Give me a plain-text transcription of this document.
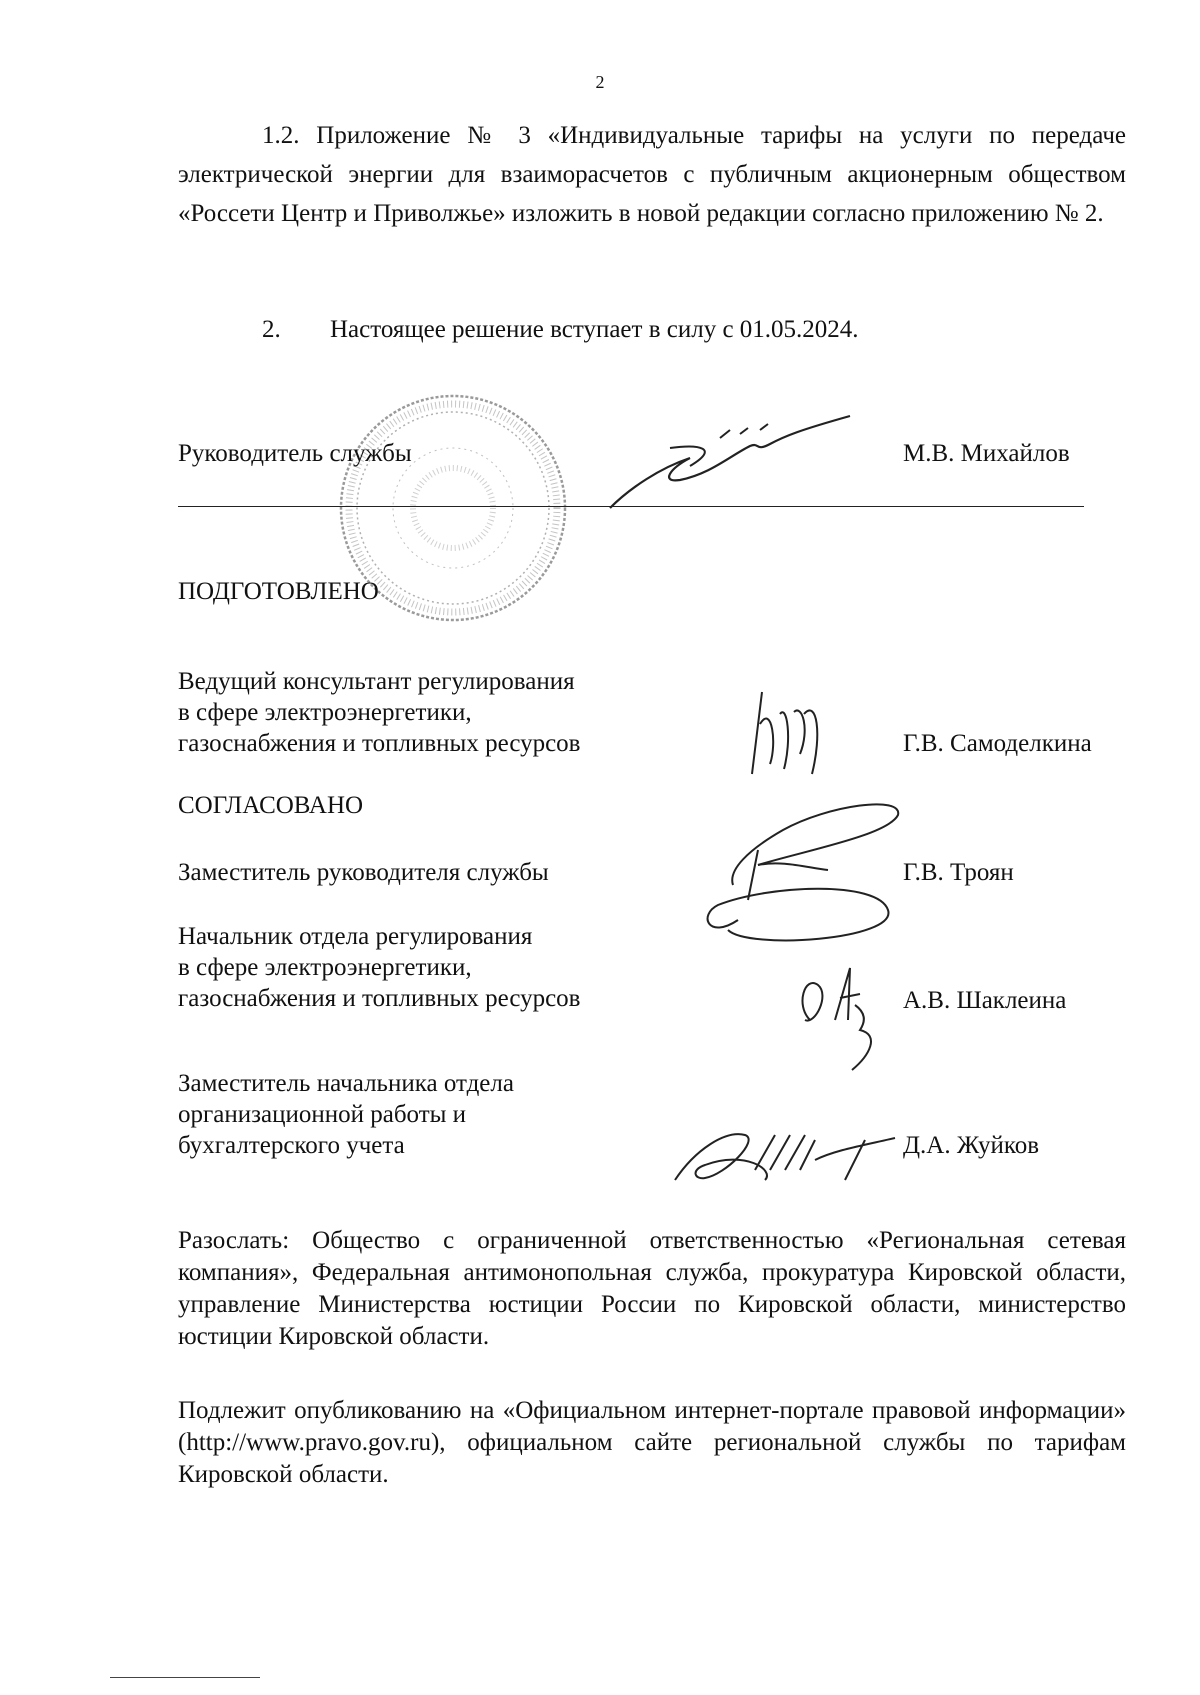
2
1.2. Приложение № 3 «Индивидуальные тарифы на услуги по передаче электрической энергии для взаиморасчетов с публичным акционерным обществом «Россети Центр и Приволжье» изложить в новой редакции согласно приложению № 2.
2. Настоящее решение вступает в силу с 01.05.2024.
Руководитель службы	М.В. Михайлов
ПОДГОТОВЛЕНО
Ведущий консультант регулирования
в сфере электроэнергетики,
газоснабжения и топливных ресурсов	Г.В. Самоделкина
СОГЛАСОВАНО
Заместитель руководителя службы	Г.В. Троян
Начальник отдела регулирования
в сфере электроэнергетики,
газоснабжения и топливных ресурсов	А.В. Шаклеина
Заместитель начальника отдела
организационной работы и
бухгалтерского учета	Д.А. Жуйков
Разослать: Общество с ограниченной ответственностью «Региональная сетевая компания», Федеральная антимонопольная служба, прокуратура Кировской области, управление Министерства юстиции России по Кировской области, министерство юстиции Кировской области.
Подлежит опубликованию на «Официальном интернет-портале правовой информации» (http://www.pravo.gov.ru), официальном сайте региональной службы по тарифам Кировской области.
